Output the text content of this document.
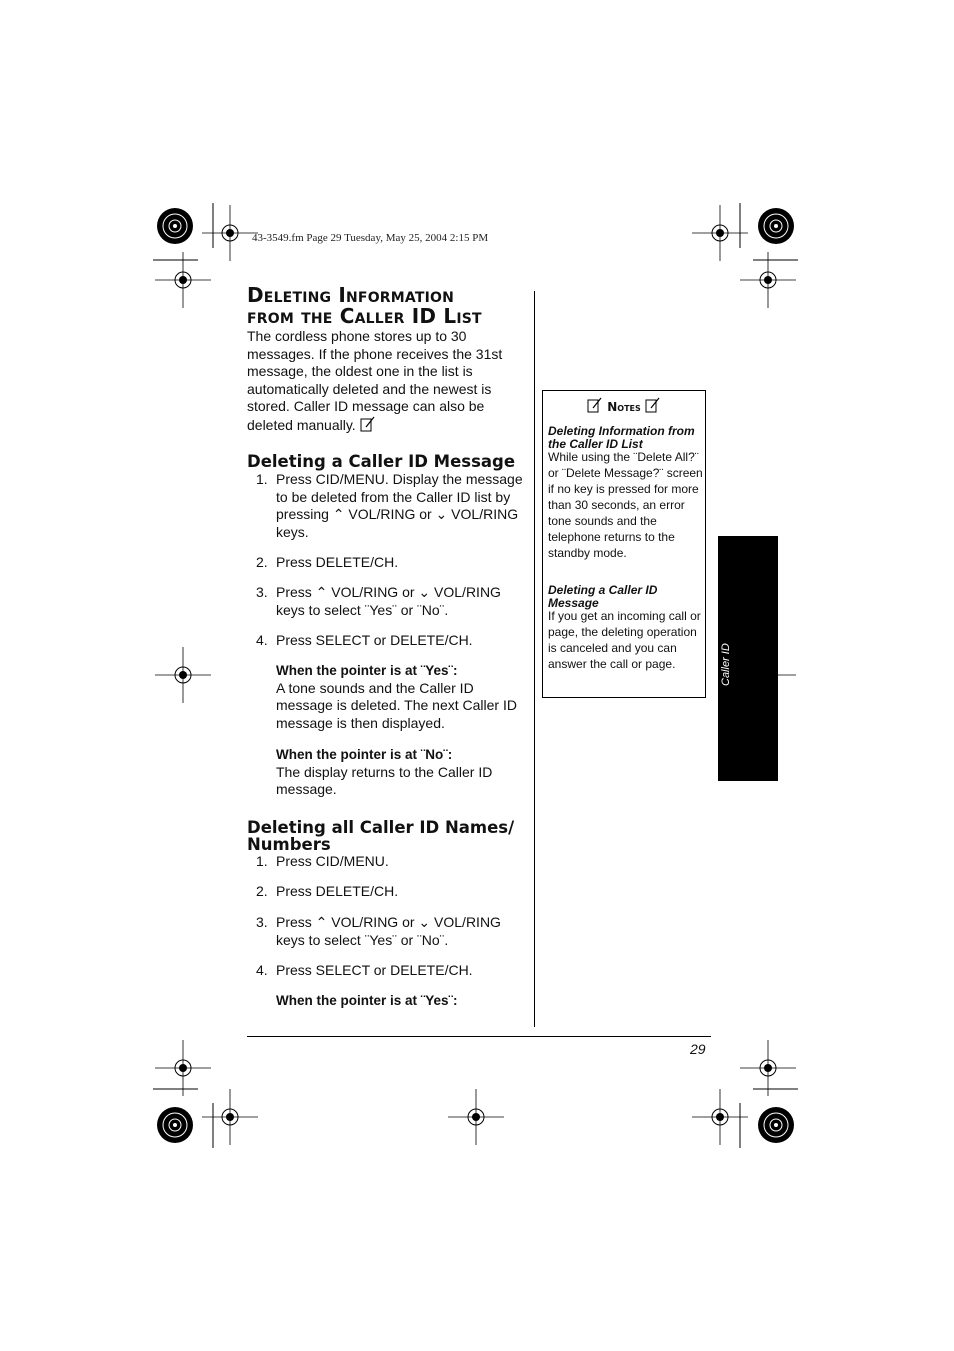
43-3549.fm Page 29 Tuesday, May 25, 2004 2:15 PM
Deleting Information
from the Caller ID List
The cordless phone stores up to 30 messages. If the phone receives the 31st message, the oldest one in the list is automatically deleted and the newest is stored. Caller ID message can also be deleted manually.
Deleting a Caller ID Message
1. Press CID/MENU. Display the message to be deleted from the Caller ID list by pressing ⌃ VOL/RING or ⌄ VOL/RING keys.
2. Press DELETE/CH.
3. Press ⌃ VOL/RING or ⌄ VOL/RING keys to select ¨Yes¨ or ¨No¨.
4. Press SELECT or DELETE/CH.
When the pointer is at ¨Yes¨:
A tone sounds and the Caller ID message is deleted. The next Caller ID message is then displayed.
When the pointer is at ¨No¨:
The display returns to the Caller ID message.
Deleting all Caller ID Names/
Numbers
1. Press CID/MENU.
2. Press DELETE/CH.
3. Press ⌃ VOL/RING or ⌄ VOL/RING keys to select ¨Yes¨ or ¨No¨.
4. Press SELECT or DELETE/CH.
When the pointer is at ¨Yes¨:
Notes
Deleting Information from the Caller ID List
While using the ¨Delete All?¨ or ¨Delete Message?¨ screen if no key is pressed for more than 30 seconds, an error tone sounds and the telephone returns to the standby mode.
Deleting a Caller ID Message
If you get an incoming call or page, the deleting operation is canceled and you can answer the call or page.	Caller ID
29
